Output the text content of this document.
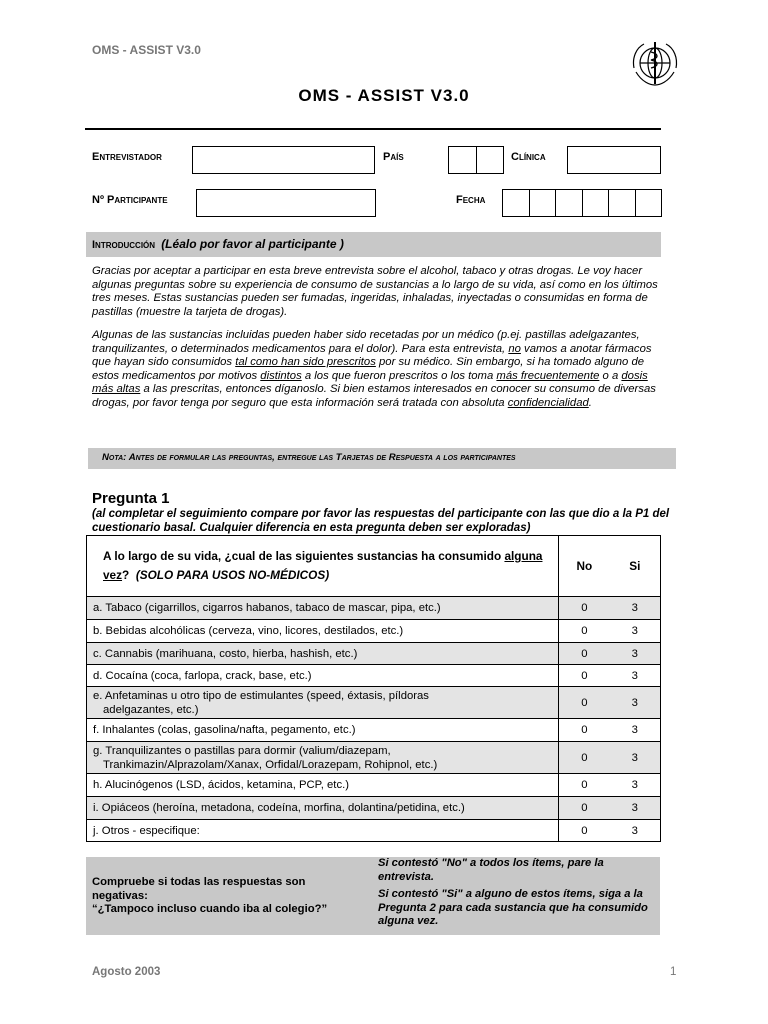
OMS - ASSIST V3.0
OMS - ASSIST V3.0
Entrevistador	País	Clínica
Nº Participante	Fecha
Introducción (Léalo por favor al participante )
Gracias por aceptar a participar en esta breve entrevista sobre el alcohol, tabaco y otras drogas. Le voy hacer algunas preguntas sobre su experiencia de consumo de sustancias a lo largo de su vida, así como en los últimos tres meses. Estas sustancias pueden ser fumadas, ingeridas, inhaladas, inyectadas o consumidas en forma de pastillas (muestre la tarjeta de drogas).
Algunas de las sustancias incluidas pueden haber sido recetadas por un médico (p.ej. pastillas adelgazantes, tranquilizantes, o determinados medicamentos para el dolor). Para esta entrevista, no vamos a anotar fármacos que hayan sido consumidos tal como han sido prescritos por su médico. Sin embargo, si ha tomado alguno de estos medicamentos por motivos distintos a los que fueron prescritos o los toma más frecuentemente o a dosis más altas a las prescritas, entonces díganoslo. Si bien estamos interesados en conocer su consumo de diversas drogas, por favor tenga por seguro que esta información será tratada con absoluta confidencialidad.
Nota: Antes de formular las preguntas, entregue las Tarjetas de Respuesta a los participantes
Pregunta 1
(al completar el seguimiento compare por favor las respuestas del participante con las que dio a la P1 del cuestionario basal. Cualquier diferencia en esta pregunta deben ser exploradas)
A lo largo de su vida, ¿cual de las siguientes sustancias ha consumido alguna vez? (SOLO PARA USOS NO-MÉDICOS)	No	Si
a. Tabaco (cigarrillos, cigarros habanos, tabaco de mascar, pipa, etc.)	0	3
b. Bebidas alcohólicas (cerveza, vino, licores, destilados, etc.)	0	3
c. Cannabis (marihuana, costo, hierba, hashish, etc.)	0	3
d. Cocaína (coca, farlopa, crack, base, etc.)	0	3

e. Anfetaminas u otro tipo de estimulantes (speed, éxtasis, píldoras
adelgazantes, etc.)	0	3
f. Inhalantes (colas, gasolina/nafta, pegamento, etc.)	0	3

g. Tranquilizantes o pastillas para dormir (valium/diazepam,
Trankimazin/Alprazolam/Xanax, Orfidal/Lorazepam, Rohipnol, etc.)	0	3
h. Alucinógenos (LSD, ácidos, ketamina, PCP, etc.)	0	3
i. Opiáceos (heroína, metadona, codeína, morfina, dolantina/petidina, etc.)	0	3
j. Otros - especifique:	0	3
Compruebe si todas las respuestas son negativas:
“¿Tampoco incluso cuando iba al colegio?”
Si contestó "No" a todos los ítems, pare la entrevista.
Si contestó "Si" a alguno de estos ítems, siga a la Pregunta 2 para cada sustancia que ha consumido alguna vez.
Agosto 2003	1
